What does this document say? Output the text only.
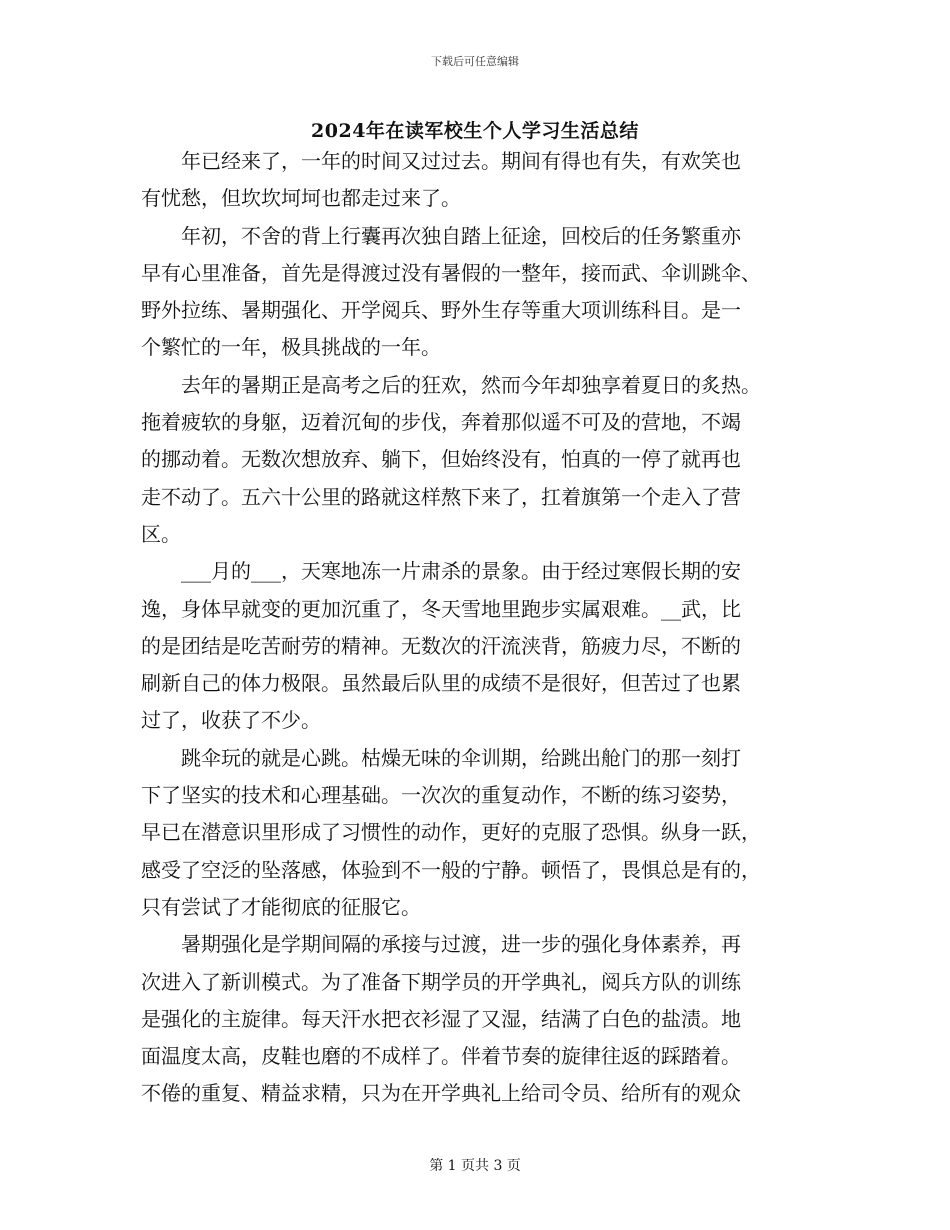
下载后可任意编辑
2024年在读军校生个人学习生活总结
年已经来了，一年的时间又过过去。期间有得也有失，有欢笑也
有忧愁，但坎坎坷坷也都走过来了。
年初，不舍的背上行囊再次独自踏上征途，回校后的任务繁重亦
早有心里准备，首先是得渡过没有暑假的一整年，接而武、伞训跳伞、
野外拉练、暑期强化、开学阅兵、野外生存等重大项训练科目。是一
个繁忙的一年，极具挑战的一年。
去年的暑期正是高考之后的狂欢，然而今年却独享着夏日的炙热。
拖着疲软的身躯，迈着沉甸的步伐，奔着那似遥不可及的营地，不竭
的挪动着。无数次想放弃、躺下，但始终没有，怕真的一停了就再也
走不动了。五六十公里的路就这样熬下来了，扛着旗第一个走入了营
区。
___月的___，天寒地冻一片肃杀的景象。由于经过寒假长期的安
逸，身体早就变的更加沉重了，冬天雪地里跑步实属艰难。__武，比
的是团结是吃苦耐劳的精神。无数次的汗流浃背，筋疲力尽，不断的
刷新自己的体力极限。虽然最后队里的成绩不是很好，但苦过了也累
过了，收获了不少。
跳伞玩的就是心跳。枯燥无味的伞训期，给跳出舱门的那一刻打
下了坚实的技术和心理基础。一次次的重复动作，不断的练习姿势，
早已在潜意识里形成了习惯性的动作，更好的克服了恐惧。纵身一跃，
感受了空泛的坠落感，体验到不一般的宁静。顿悟了，畏惧总是有的，
只有尝试了才能彻底的征服它。
暑期强化是学期间隔的承接与过渡，进一步的强化身体素养，再
次进入了新训模式。为了准备下期学员的开学典礼，阅兵方队的训练
是强化的主旋律。每天汗水把衣衫湿了又湿，结满了白色的盐渍。地
面温度太高，皮鞋也磨的不成样了。伴着节奏的旋律往返的踩踏着。
不倦的重复、精益求精，只为在开学典礼上给司令员、给所有的观众
第 1 页共 3 页
